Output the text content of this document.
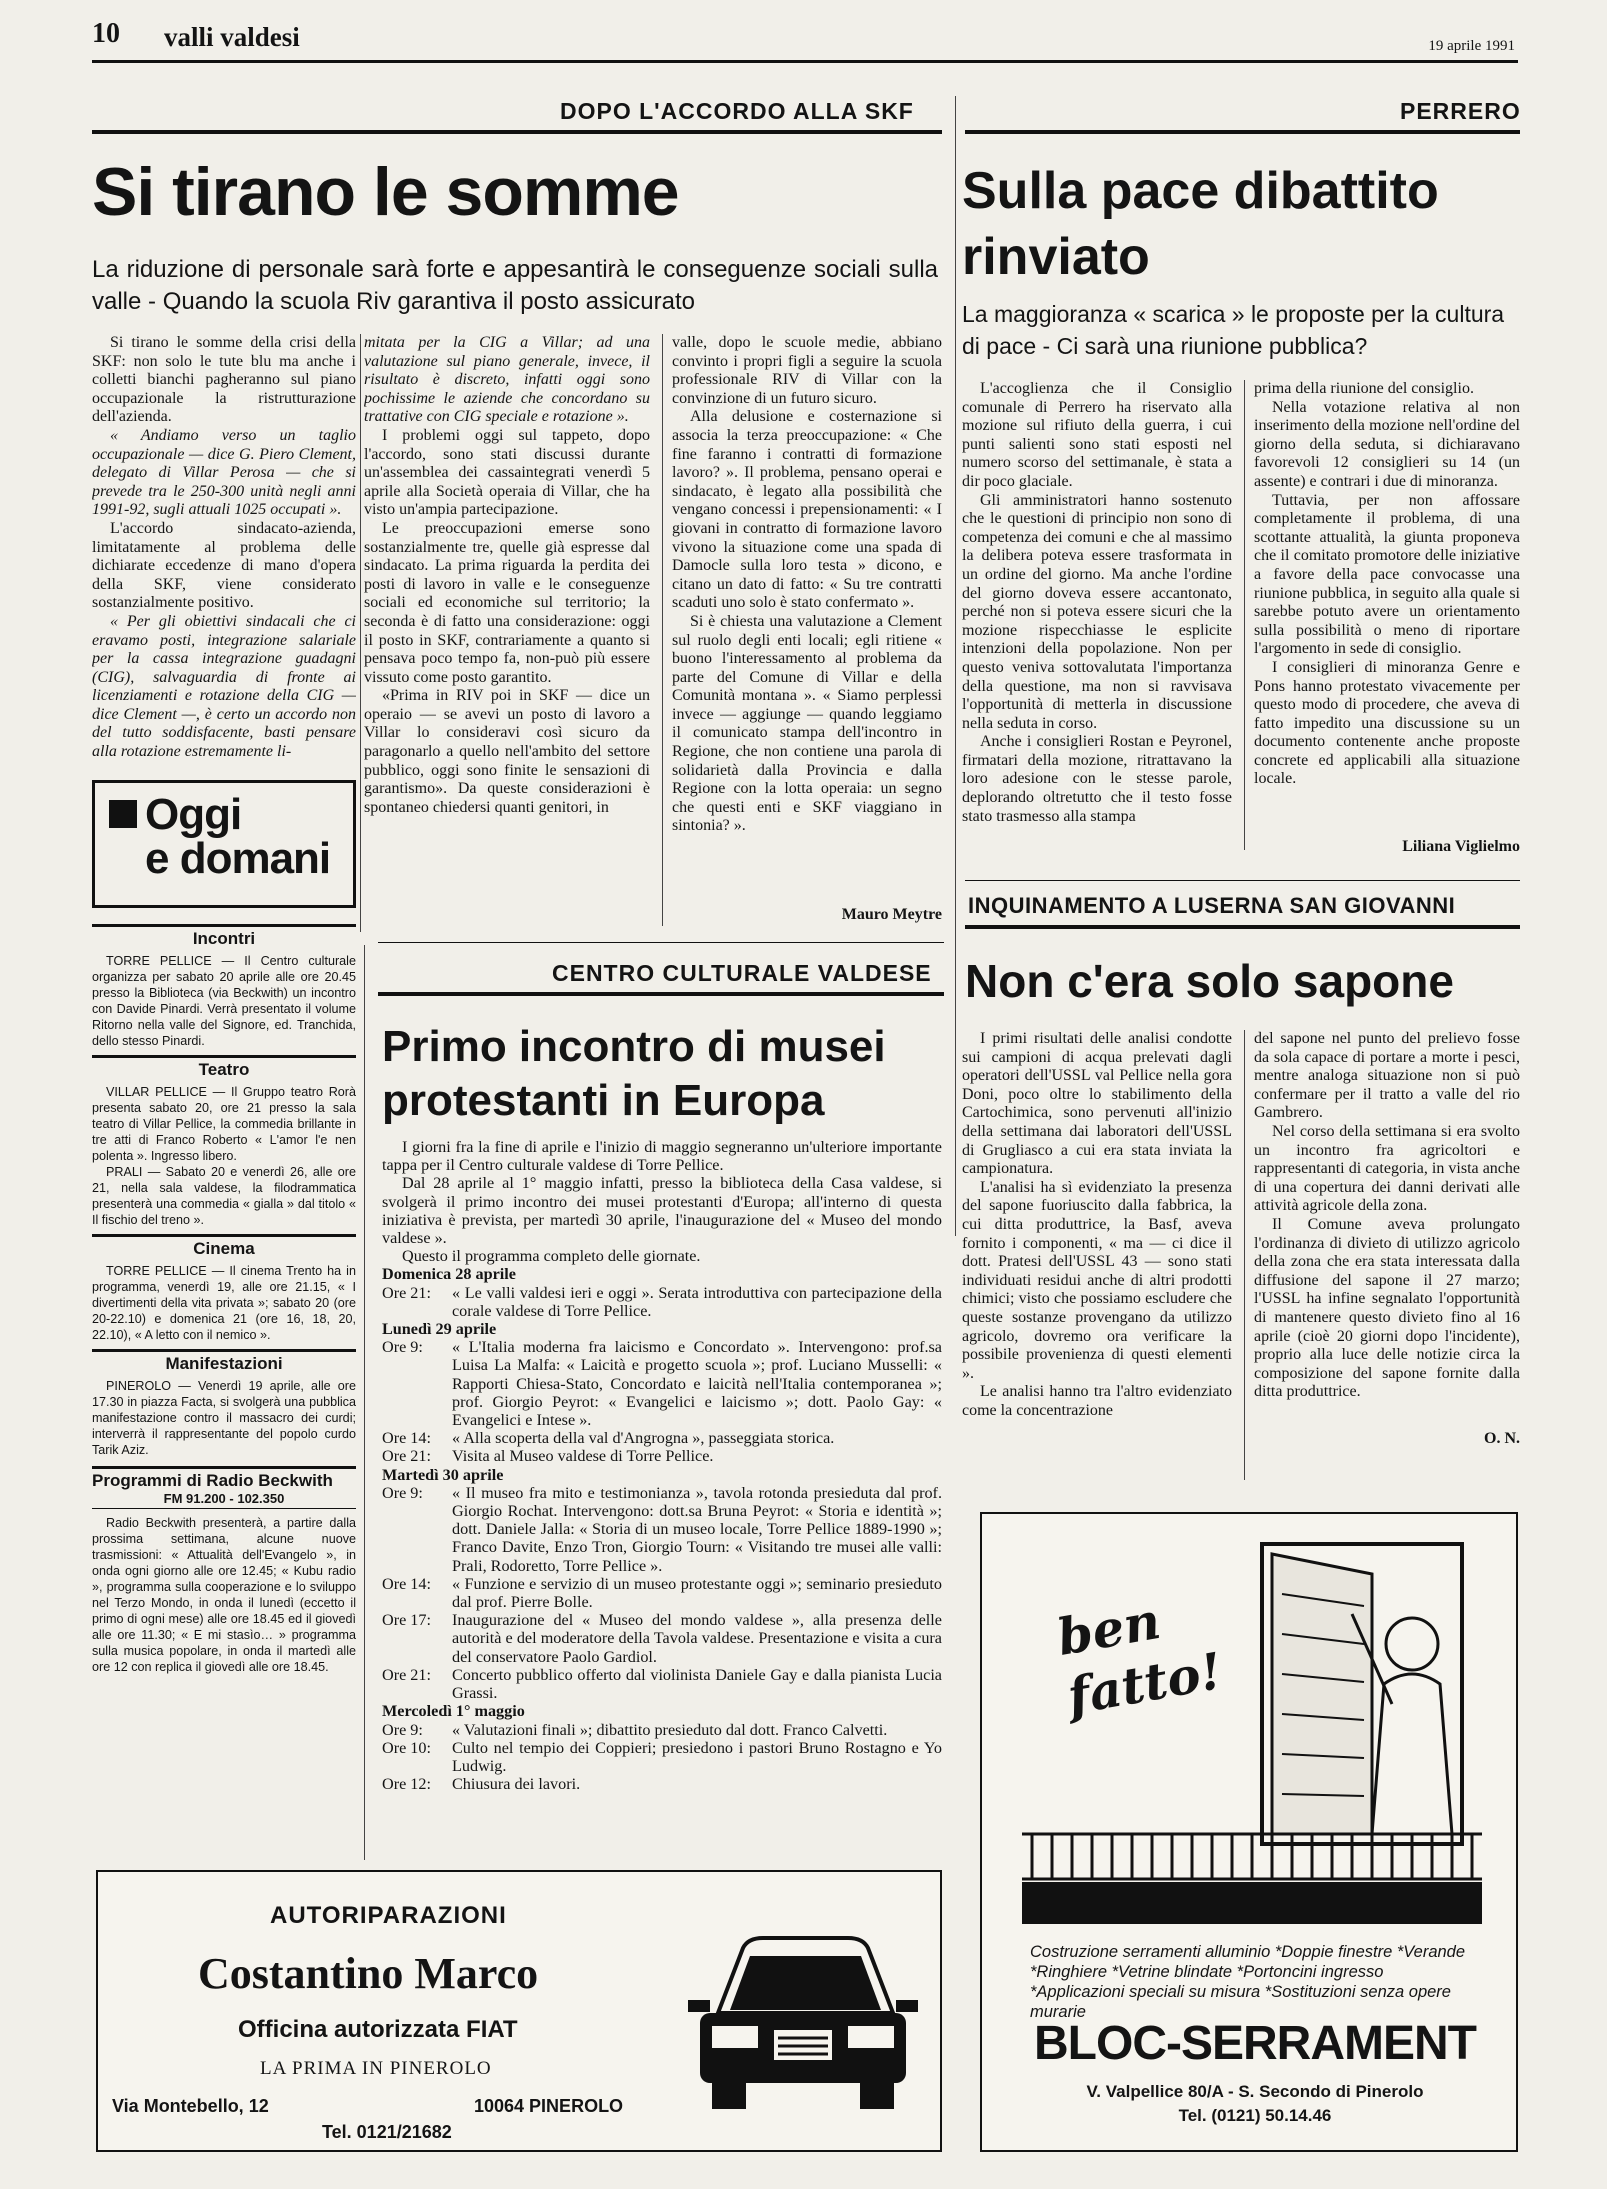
10 valli valdesi	19 aprile 1991
DOPO L'ACCORDO ALLA SKF
Si tirano le somme
La riduzione di personale sarà forte e appesantirà le conseguenze sociali sulla valle - Quando la scuola Riv garantiva il posto assicurato

Si tirano le somme della crisi della SKF: non solo le tute blu ma anche i colletti bianchi pagheranno sul piano occupazionale la ristrutturazione dell'azienda.

« Andiamo verso un taglio occupazionale — dice G. Piero Clement, delegato di Villar Perosa — che si prevede tra le 250-300 unità negli anni 1991-92, sugli attuali 1025 occupati ».

L'accordo sindacato-azienda, limitatamente al problema delle dichiarate eccedenze di mano d'opera della SKF, viene considerato sostanzialmente positivo.

« Per gli obiettivi sindacali che ci eravamo posti, integrazione salariale per la cassa integrazione guadagni (CIG), salvaguardia di fronte ai licenziamenti e rotazione della CIG — dice Clement —, è certo un accordo non del tutto soddisfacente, basti pensare alla rotazione estremamente li-

mitata per la CIG a Villar; ad una valutazione sul piano generale, invece, il risultato è discreto, infatti oggi sono pochissime le aziende che concordano su trattative con CIG speciale e rotazione ».

I problemi oggi sul tappeto, dopo l'accordo, sono stati discussi durante un'assemblea dei cassaintegrati venerdì 5 aprile alla Società operaia di Villar, che ha visto un'ampia partecipazione.

Le preoccupazioni emerse sono sostanzialmente tre, quelle già espresse dal sindacato. La prima riguarda la perdita dei posti di lavoro in valle e le conseguenze sociali ed economiche sul territorio; la seconda è di fatto una considerazione: oggi il posto in SKF, contrariamente a quanto si pensava poco tempo fa, non-può più essere vissuto come posto garantito.

«Prima in RIV poi in SKF — dice un operaio — se avevi un posto di lavoro a Villar lo consideravi così sicuro da paragonarlo a quello nell'ambito del settore pubblico, oggi sono finite le sensazioni di garantismo». Da queste considerazioni è spontaneo chiedersi quanti genitori, in

valle, dopo le scuole medie, abbiano convinto i propri figli a seguire la scuola professionale RIV di Villar con la convinzione di un futuro sicuro.

Alla delusione e costernazione si associa la terza preoccupazione: « Che fine faranno i contratti di formazione lavoro? ». Il problema, pensano operai e sindacato, è legato alla possibilità che vengano concessi i prepensionamenti: « I giovani in contratto di formazione lavoro vivono la situazione come una spada di Damocle sulla loro testa » dicono, e citano un dato di fatto: « Su tre contratti scaduti uno solo è stato confermato ».

Si è chiesta una valutazione a Clement sul ruolo degli enti locali; egli ritiene « buono l'interessamento al problema da parte del Comune di Villar e della Comunità montana ». « Siamo perplessi invece — aggiunge — quando leggiamo il comunicato stampa dell'incontro in Regione, che non contiene una parola di solidarietà dalla Provincia e dalla Regione con la lotta operaia: un segno che questi enti e SKF viaggiano in sintonia? ».

Mauro Meytre
Oggi
e domani
Incontri

TORRE PELLICE — Il Centro culturale organizza per sabato 20 aprile alle ore 20.45 presso la Biblioteca (via Beckwith) un incontro con Davide Pinardi. Verrà presentato il volume Ritorno nella valle del Signore, ed. Tranchida, dello stesso Pinardi.

Teatro

VILLAR PELLICE — Il Gruppo teatro Rorà presenta sabato 20, ore 21 presso la sala teatro di Villar Pellice, la commedia brillante in tre atti di Franco Roberto « L'amor l'e nen polenta ». Ingresso libero.

PRALI — Sabato 20 e venerdì 26, alle ore 21, nella sala valdese, la filodrammatica presenterà una commedia « gialla » dal titolo « Il fischio del treno ».

Cinema

TORRE PELLICE — Il cinema Trento ha in programma, venerdì 19, alle ore 21.15, « I divertimenti della vita privata »; sabato 20 (ore 20-22.10) e domenica 21 (ore 16, 18, 20, 22.10), « A letto con il nemico ».

Manifestazioni

PINEROLO — Venerdì 19 aprile, alle ore 17.30 in piazza Facta, si svolgerà una pubblica manifestazione contro il massacro dei curdi; interverrà il rappresentante del popolo curdo Tarik Aziz.

Programmi di Radio Beckwith
FM 91.200 - 102.350

Radio Beckwith presenterà, a partire dalla prossima settimana, alcune nuove trasmissioni: « Attualità dell'Evangelo », in onda ogni giorno alle ore 12.45; « Kubu radio », programma sulla cooperazione e lo sviluppo nel Terzo Mondo, in onda il lunedì (eccetto il primo di ogni mese) alle ore 18.45 ed il giovedì alle ore 11.30; « E mi stasìo… » programma sulla musica popolare, in onda il martedì alle ore 12 con replica il giovedì alle ore 18.45.

PERRERO
Sulla pace dibattito rinviato
La maggioranza « scarica » le proposte per la cultura di pace - Ci sarà una riunione pubblica?

L'accoglienza che il Consiglio comunale di Perrero ha riservato alla mozione sul rifiuto della guerra, i cui punti salienti sono stati esposti nel numero scorso del settimanale, è stata a dir poco glaciale.

Gli amministratori hanno sostenuto che le questioni di principio non sono di competenza dei comuni e che al massimo la delibera poteva essere trasformata in un ordine del giorno. Ma anche l'ordine del giorno doveva essere accantonato, perché non si poteva essere sicuri che la mozione rispecchiasse le esplicite intenzioni della popolazione. Non per questo veniva sottovalutata l'importanza della questione, ma non si ravvisava l'opportunità di metterla in discussione nella seduta in corso.

Anche i consiglieri Rostan e Peyronel, firmatari della mozione, ritrattavano la loro adesione con le stesse parole, deplorando oltretutto che il testo fosse stato trasmesso alla stampa

prima della riunione del consiglio.

Nella votazione relativa al non inserimento della mozione nell'ordine del giorno della seduta, si dichiaravano favorevoli 12 consiglieri su 14 (un assente) e contrari i due di minoranza.

Tuttavia, per non affossare completamente il problema, di una scottante attualità, la giunta proponeva che il comitato promotore delle iniziative a favore della pace convocasse una riunione pubblica, in seguito alla quale si sarebbe potuto avere un orientamento sulla possibilità o meno di riportare l'argomento in sede di consiglio.

I consiglieri di minoranza Genre e Pons hanno protestato vivacemente per questo modo di procedere, che aveva di fatto impedito una discussione su un documento contenente anche proposte concrete ed applicabili alla situazione locale.

Liliana Viglielmo
INQUINAMENTO A LUSERNA SAN GIOVANNI
Non c'era solo sapone

I primi risultati delle analisi condotte sui campioni di acqua prelevati dagli operatori dell'USSL val Pellice nella gora Doni, poco oltre lo stabilimento della Cartochimica, sono pervenuti all'inizio della settimana dai laboratori dell'USSL di Grugliasco a cui era stata inviata la campionatura.

L'analisi ha sì evidenziato la presenza del sapone fuoriuscito dalla fabbrica, la cui ditta produttrice, la Basf, aveva fornito i componenti, « ma — ci dice il dott. Pratesi dell'USSL 43 — sono stati individuati residui anche di altri prodotti chimici; visto che possiamo escludere che queste sostanze provengano da utilizzo agricolo, dovremo ora verificare la possibile provenienza di questi elementi ».

Le analisi hanno tra l'altro evidenziato come la concentrazione

del sapone nel punto del prelievo fosse da sola capace di portare a morte i pesci, mentre analoga situazione non si può confermare per il tratto a valle del rio Gambrero.

Nel corso della settimana si era svolto un incontro fra agricoltori e rappresentanti di categoria, in vista anche di una copertura dei danni derivati alle attività agricole della zona.

Il Comune aveva prolungato l'ordinanza di divieto di utilizzo agricolo della zona che era stata interessata dalla diffusione del sapone il 27 marzo; l'USSL ha infine segnalato l'opportunità di mantenere questo divieto fino al 16 aprile (cioè 20 giorni dopo l'incidente), proprio alla luce delle notizie circa la composizione del sapone fornite dalla ditta produttrice.

O. N.
CENTRO CULTURALE VALDESE
Primo incontro di musei protestanti in Europa

I giorni fra la fine di aprile e l'inizio di maggio segneranno un'ulteriore importante tappa per il Centro culturale valdese di Torre Pellice.

Dal 28 aprile al 1° maggio infatti, presso la biblioteca della Casa valdese, si svolgerà il primo incontro dei musei protestanti d'Europa; all'interno di questa iniziativa è prevista, per martedì 30 aprile, l'inaugurazione del « Museo del mondo valdese ».

Questo il programma completo delle giornate.

Domenica 28 aprile
Ore 21:	« Le valli valdesi ieri e oggi ». Serata introduttiva con partecipazione della corale valdese di Torre Pellice.
Lunedì 29 aprile
Ore 9:	« L'Italia moderna fra laicismo e Concordato ». Intervengono: prof.sa Luisa La Malfa: « Laicità e progetto scuola »; prof. Luciano Musselli: « Rapporti Chiesa-Stato, Concordato e laicità nell'Italia contemporanea »; prof. Giorgio Peyrot: « Evangelici e laicismo »; dott. Paolo Gay: « Evangelici e Intese ».
Ore 14:	« Alla scoperta della val d'Angrogna », passeggiata storica.
Ore 21:	Visita al Museo valdese di Torre Pellice.
Martedì 30 aprile
Ore 9:	« Il museo fra mito e testimonianza », tavola rotonda presieduta dal prof. Giorgio Rochat. Intervengono: dott.sa Bruna Peyrot: « Storia e identità »; dott. Daniele Jalla: « Storia di un museo locale, Torre Pellice 1889-1990 »; Franco Davite, Enzo Tron, Giorgio Tourn: « Visitando tre musei alle valli: Prali, Rodoretto, Torre Pellice ».
Ore 14:	« Funzione e servizio di un museo protestante oggi »; seminario presieduto dal prof. Pierre Bolle.
Ore 17:	Inaugurazione del « Museo del mondo valdese », alla presenza delle autorità e del moderatore della Tavola valdese. Presentazione e visita a cura del conservatore Paolo Gardiol.
Ore 21:	Concerto pubblico offerto dal violinista Daniele Gay e dalla pianista Lucia Grassi.
Mercoledì 1° maggio
Ore 9:	« Valutazioni finali »; dibattito presieduto dal dott. Franco Calvetti.
Ore 10:	Culto nel tempio dei Coppieri; presiedono i pastori Bruno Rostagno e Yo Ludwig.
Ore 12:	Chiusura dei lavori.
AUTORIPARAZIONI
Costantino Marco
Officina autorizzata FIAT
LA PRIMA IN PINEROLO
Via Montebello, 12	10064 PINEROLO
Tel. 0121/21682
ben fatto!
Costruzione serramenti alluminio *Doppie finestre *Verande *Ringhiere *Vetrine blindate *Portoncini ingresso *Applicazioni speciali su misura *Sostituzioni senza opere murarie
BLOC-SERRAMENT
V. Valpellice 80/A - S. Secondo di Pinerolo
Tel. (0121) 50.14.46
